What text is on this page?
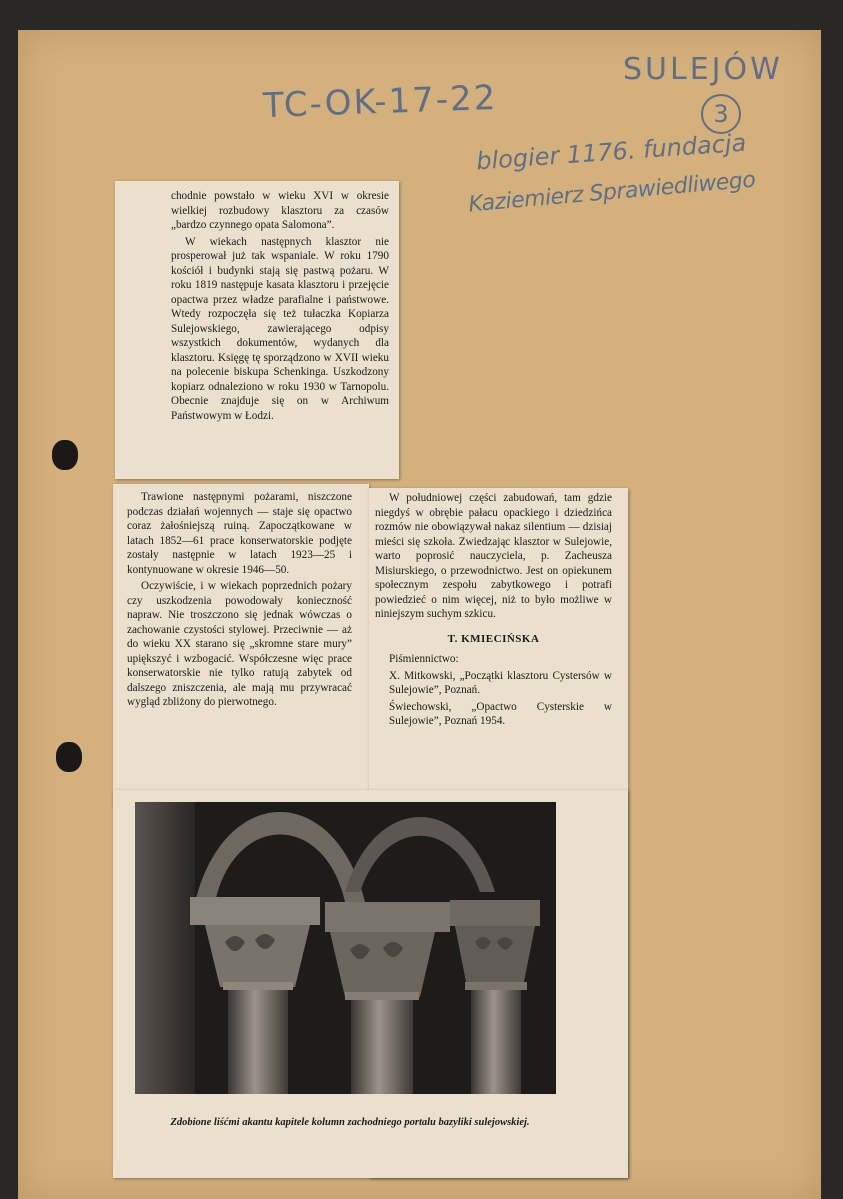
SULEJÓW
3
TC-OK-17-22
blogier 1176. fundacja
Kaziemierz Sprawiedliwego

chodnie powstało w wieku XVI w okresie wielkiej rozbudowy klasztoru za czasów „bardzo czynnego opata Salomona”.

W wiekach następnych klasztor nie prosperował już tak wspaniale. W roku 1790 kościół i budynki stają się pastwą pożaru. W roku 1819 następuje kasata klasztoru i przejęcie opactwa przez władze parafialne i państwowe. Wtedy rozpoczęła się też tułaczka Kopiarza Sulejowskiego, zawierającego odpisy wszystkich dokumentów, wydanych dla klasztoru. Księgę tę sporządzono w XVII wieku na polecenie biskupa Schenkinga. Uszkodzony kopiarz odnaleziono w roku 1930 w Tarnopolu. Obecnie znajduje się on w Archiwum Państwowym w Łodzi.

Trawione następnymi pożarami, niszczone podczas działań wojennych — staje się opactwo coraz żałośniejszą ruiną. Zapoczątkowane w latach 1852—61 prace konserwatorskie podjęte zostały następnie w latach 1923—25 i kontynuowane w okresie 1946—50.

Oczywiście, i w wiekach poprzednich pożary czy uszkodzenia powodowały konieczność napraw. Nie troszczono się jednak wówczas o zachowanie czystości stylowej. Przeciwnie — aż do wieku XX starano się „skromne stare mury” upiększyć i wzbogacić. Współczesne więc prace konserwatorskie nie tylko ratują zabytek od dalszego zniszczenia, ale mają mu przywracać wygląd zbliżony do pierwotnego.

W południowej części zabudowań, tam gdzie niegdyś w obrębie pałacu opackiego i dziedzińca rozmów nie obowiązywał nakaz silentium — dzisiaj mieści się szkoła. Zwiedzając klasztor w Sulejowie, warto poprosić nauczyciela, p. Zacheusza Misiurskiego, o przewodnictwo. Jest on opiekunem społecznym zespołu zabytkowego i potrafi powiedzieć o nim więcej, niż to było możliwe w niniejszym suchym szkicu.

T. KMIECIŃSKA

Piśmiennictwo:

X. Mitkowski, „Początki klasztoru Cystersów w Sulejowie”, Poznań.

Świechowski, „Opactwo Cysterskie w Sulejowie”, Poznań 1954.

Zdobione liśćmi akantu kapitele kolumn zachodniego portalu bazyliki sulejowskiej.
